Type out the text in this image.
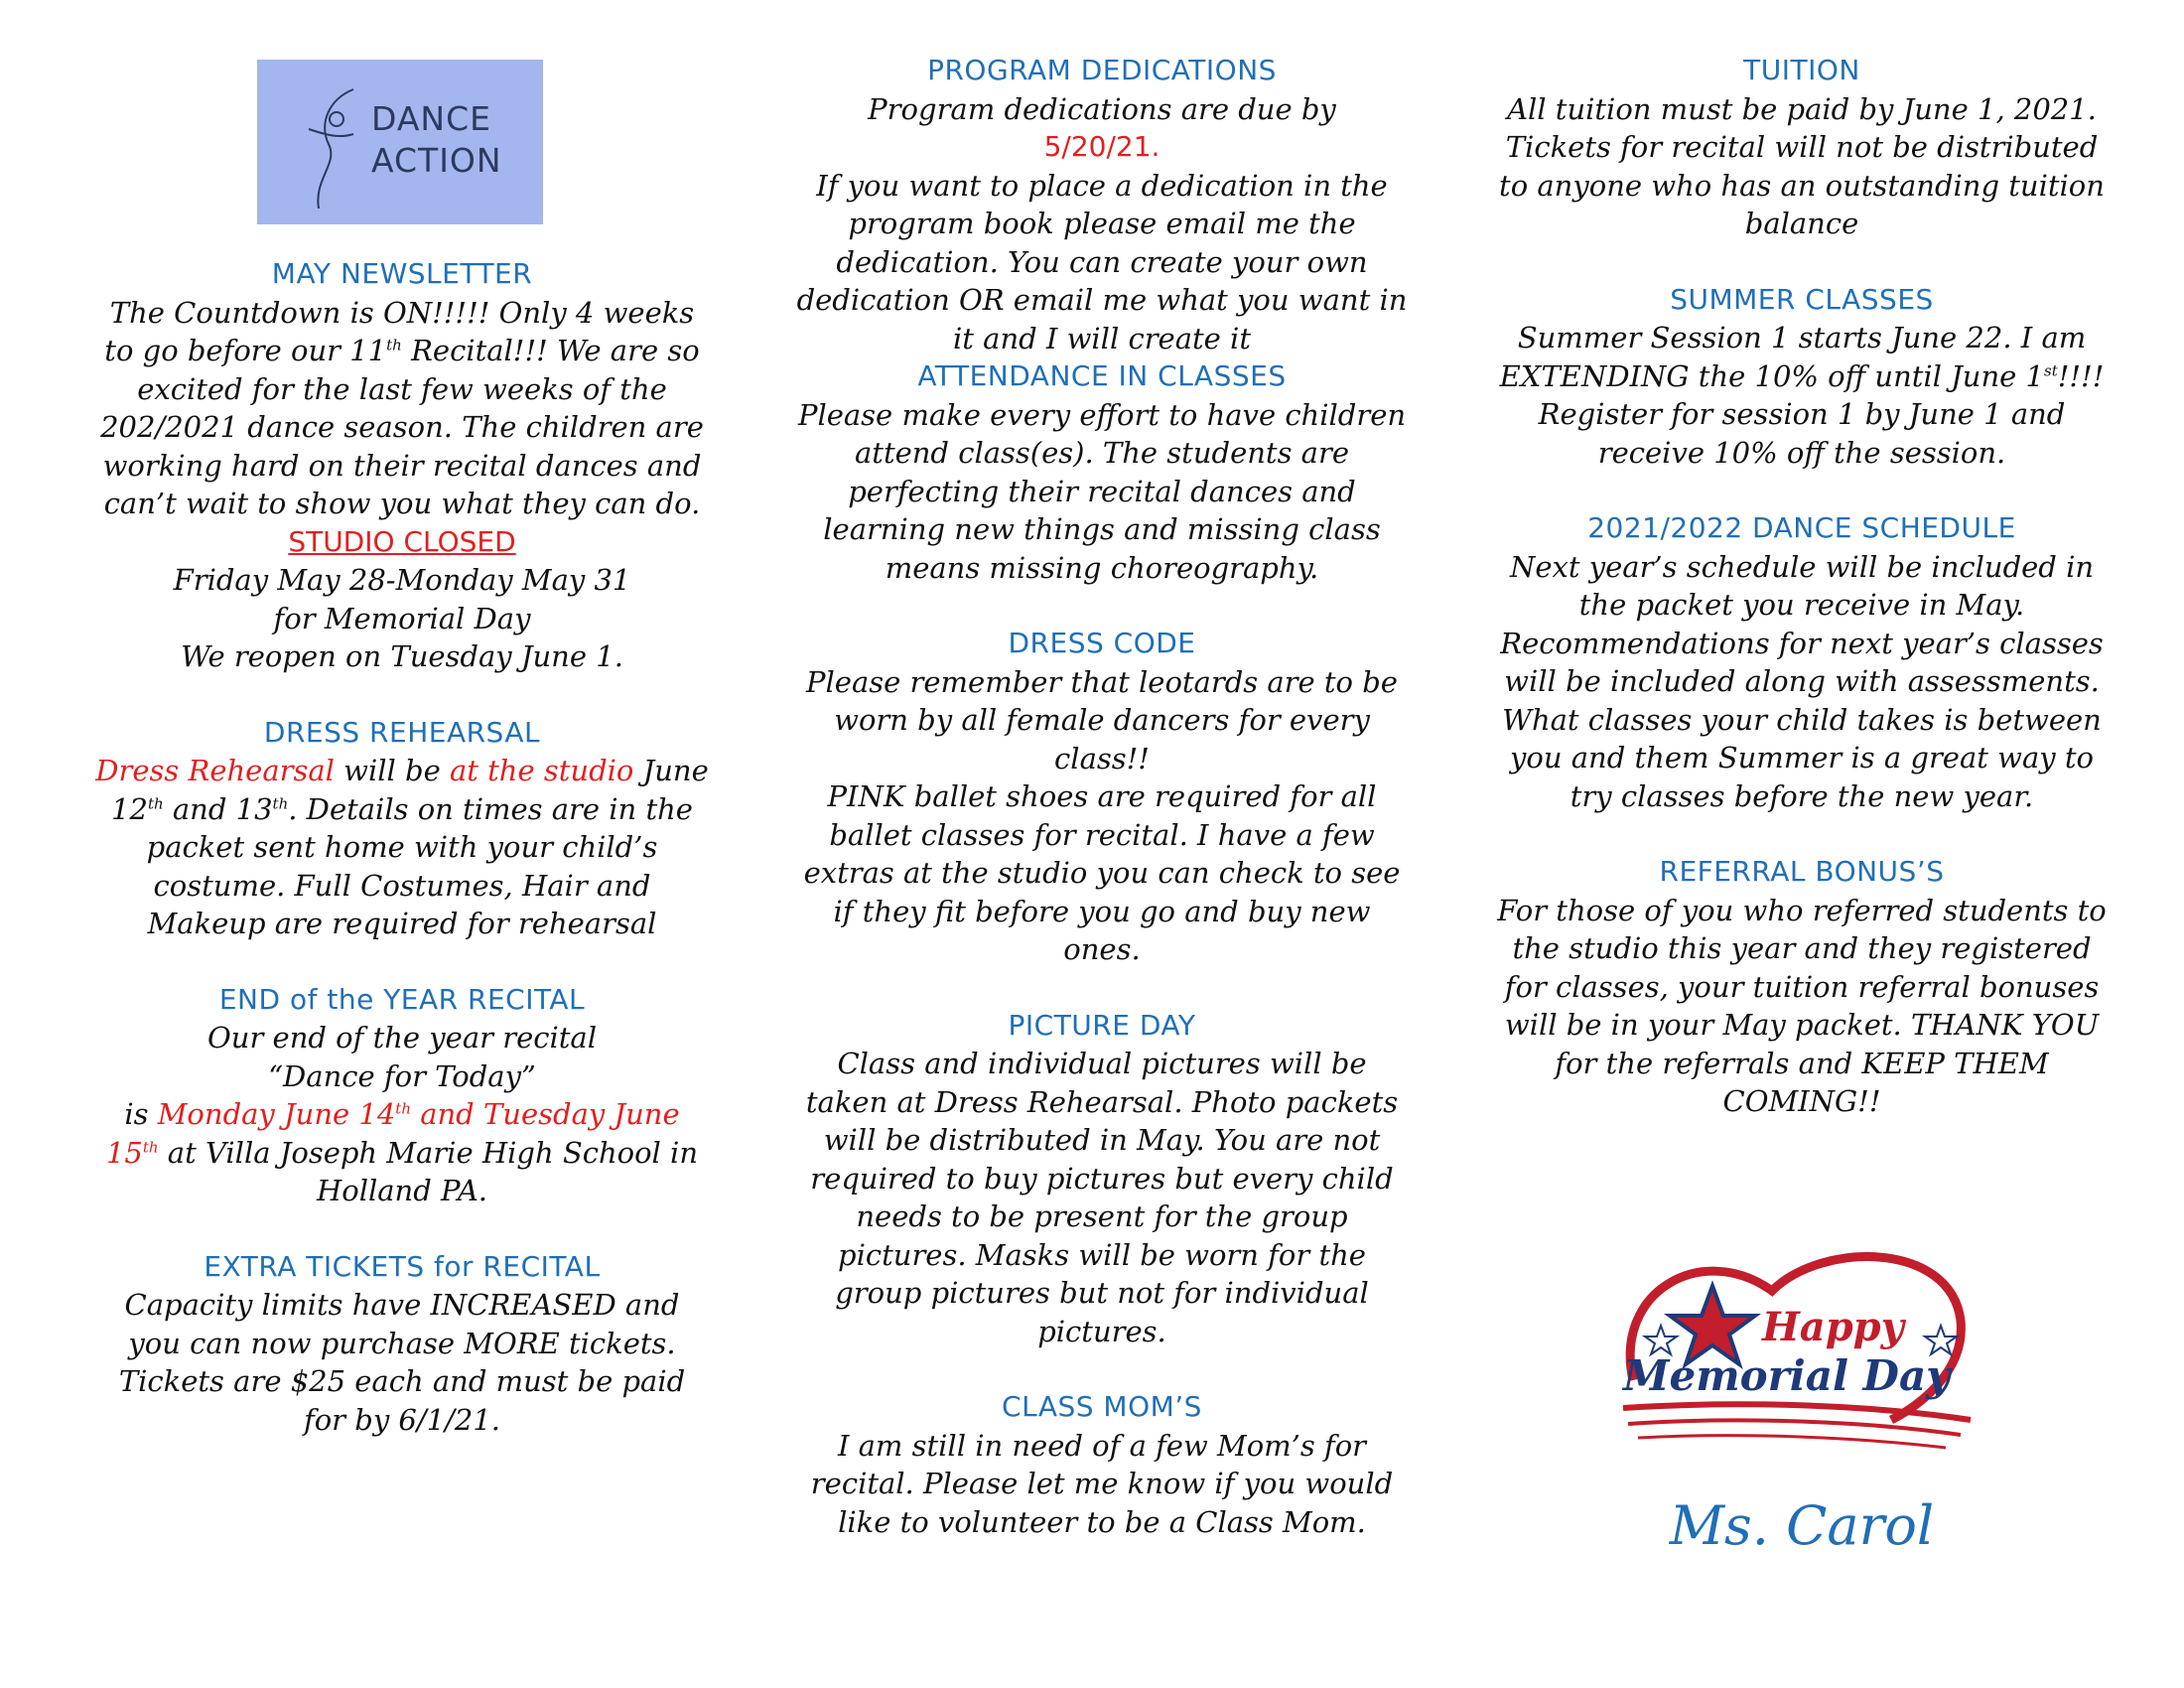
DANCE
ACTION
MAY NEWSLETTER

The Countdown is ON!!!!! Only 4 weeks to go before our 11th Recital!!! We are so excited for the last few weeks of the 202/2021 dance season. The children are working hard on their recital dances and can’t wait to show you what they can do.

STUDIO CLOSED
Friday May 28-Monday May 31
for Memorial Day
We reopen on Tuesday June 1.
DRESS REHEARSAL

Dress Rehearsal will be at the studio June 12th and 13th. Details on times are in the packet sent home with your child’s costume. Full Costumes, Hair and Makeup are required for rehearsal

END of the YEAR RECITAL
Our end of the year recital
“Dance for Today”

is Monday June 14th and Tuesday June 15th at Villa Joseph Marie High School in Holland PA.

EXTRA TICKETS for RECITAL

Capacity limits have INCREASED and you can now purchase MORE tickets. Tickets are $25 each and must be paid for by 6/1/21.

PROGRAM DEDICATIONS
Program dedications are due by
5/20/21.

If you want to place a dedication in the program book please email me the dedication. You can create your own dedication OR email me what you want in it and I will create it

ATTENDANCE IN CLASSES

Please make every effort to have children attend class(es). The students are perfecting their recital dances and learning new things and missing class means missing choreography.

DRESS CODE

Please remember that leotards are to be worn by all female dancers for every class!!

PINK ballet shoes are required for all ballet classes for recital. I have a few extras at the studio you can check to see if they fit before you go and buy new ones.

PICTURE DAY

Class and individual pictures will be taken at Dress Rehearsal. Photo packets will be distributed in May. You are not required to buy pictures but every child needs to be present for the group pictures. Masks will be worn for the group pictures but not for individual pictures.

CLASS MOM’S

I am still in need of a few Mom’s for recital. Please let me know if you would like to volunteer to be a Class Mom.

TUITION

All tuition must be paid by June 1, 2021. Tickets for recital will not be distributed to anyone who has an outstanding tuition balance

SUMMER CLASSES

Summer Session 1 starts June 22. I am EXTENDING the 10% off until June 1st!!!! Register for session 1 by June 1 and receive 10% off the session.

2021/2022 DANCE SCHEDULE

Next year’s schedule will be included in the packet you receive in May. Recommendations for next year’s classes will be included along with assessments. What classes your child takes is between you and them Summer is a great way to try classes before the new year.

REFERRAL BONUS’S

For those of you who referred students to the studio this year and they registered for classes, your tuition referral bonuses will be in your May packet. THANK YOU for the referrals and KEEP THEM COMING!!

Happy
Memorial Day
Ms. Carol
